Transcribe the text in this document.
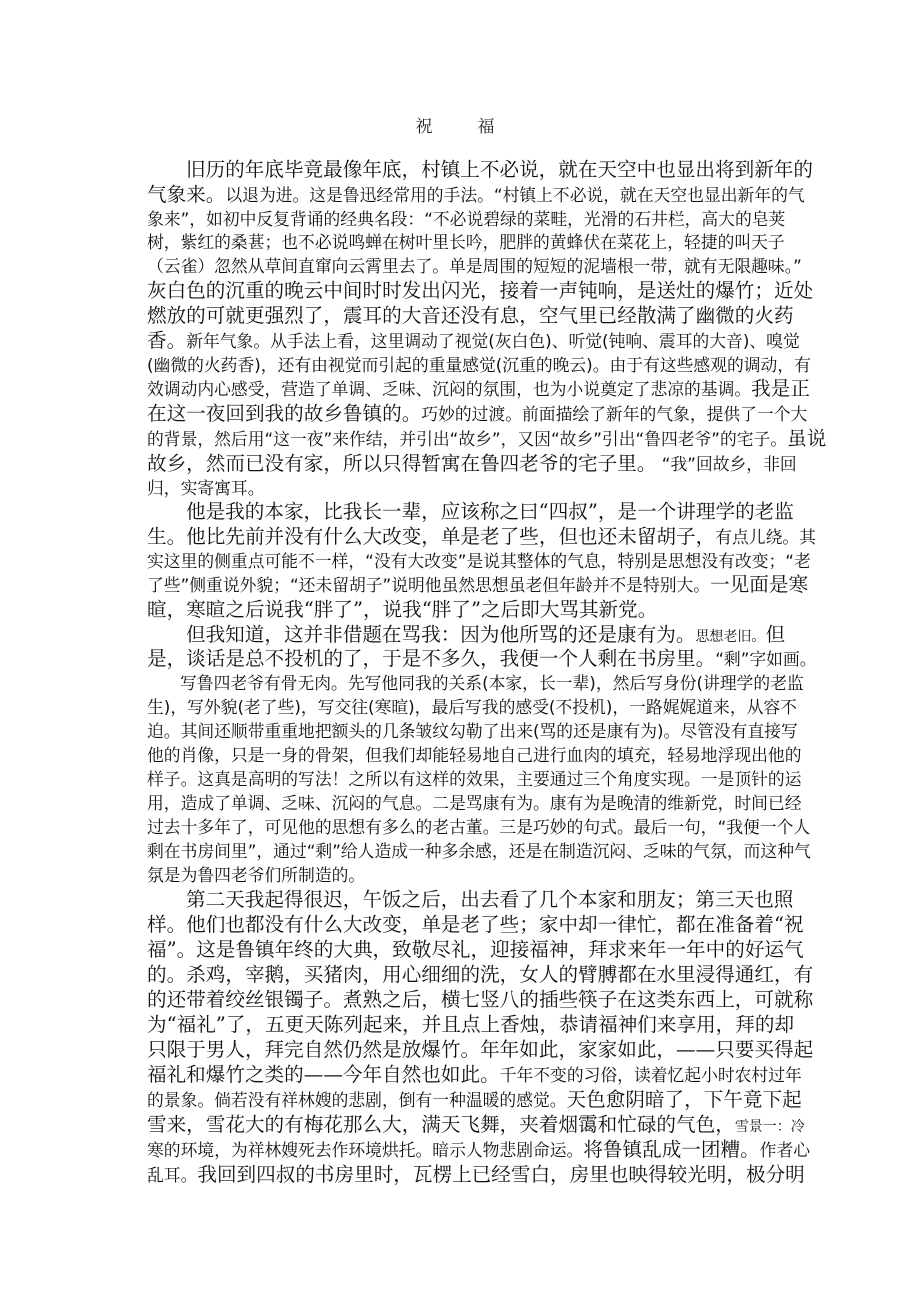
祝　福
旧历的年底毕竟最像年底，村镇上不必说，就在天空中也显出将到新年的
气象来。以退为进。这是鲁迅经常用的手法。“村镇上不必说，就在天空也显出新年的气
象来”，如初中反复背诵的经典名段：“不必说碧绿的菜畦，光滑的石井栏，高大的皂荚
树，紫红的桑葚；也不必说鸣蝉在树叶里长吟，肥胖的黄蜂伏在菜花上，轻捷的叫天子
（云雀）忽然从草间直窜向云霄里去了。单是周围的短短的泥墙根一带，就有无限趣味。”
灰白色的沉重的晚云中间时时发出闪光，接着一声钝响，是送灶的爆竹；近处
燃放的可就更强烈了，震耳的大音还没有息，空气里已经散满了幽微的火药
香。新年气象。从手法上看，这里调动了视觉(灰白色)、听觉(钝响、震耳的大音)、嗅觉
(幽微的火药香)，还有由视觉而引起的重量感觉(沉重的晚云)。由于有这些感观的调动，有
效调动内心感受，营造了单调、乏味、沉闷的氛围，也为小说奠定了悲凉的基调。我是正
在这一夜回到我的故乡鲁镇的。巧妙的过渡。前面描绘了新年的气象，提供了一个大
的背景，然后用“这一夜”来作结，并引出“故乡”，又因“故乡”引出“鲁四老爷”的宅子。虽说
故乡，然而已没有家，所以只得暂寓在鲁四老爷的宅子里。 “我”回故乡，非回
归，实寄寓耳。
他是我的本家，比我长一辈，应该称之曰“四叔”，是一个讲理学的老监
生。他比先前并没有什么大改变，单是老了些，但也还未留胡子，有点儿绕。其
实这里的侧重点可能不一样，“没有大改变”是说其整体的气息，特别是思想没有改变；“老
了些”侧重说外貌；“还未留胡子”说明他虽然思想虽老但年龄并不是特别大。一见面是寒
暄，寒暄之后说我“胖了”，说我“胖了”之后即大骂其新党。
但我知道，这并非借题在骂我：因为他所骂的还是康有为。思想老旧。但
是，谈话是总不投机的了，于是不多久，我便一个人剩在书房里。“剩”字如画。
写鲁四老爷有骨无肉。先写他同我的关系(本家，长一辈)，然后写身份(讲理学的老监
生)，写外貌(老了些)，写交往(寒暄)，最后写我的感受(不投机)，一路娓娓道来，从容不
迫。其间还顺带重重地把额头的几条皱纹勾勒了出来(骂的还是康有为)。尽管没有直接写
他的肖像，只是一身的骨架，但我们却能轻易地自己进行血肉的填充，轻易地浮现出他的
样子。这真是高明的写法！之所以有这样的效果，主要通过三个角度实现。一是顶针的运
用，造成了单调、乏味、沉闷的气息。二是骂康有为。康有为是晚清的维新党，时间已经
过去十多年了，可见他的思想有多么的老古董。三是巧妙的句式。最后一句，“我便一个人
剩在书房间里”，通过“剩”给人造成一种多余感，还是在制造沉闷、乏味的气氛，而这种气
氛是为鲁四老爷们所制造的。
第二天我起得很迟，午饭之后，出去看了几个本家和朋友；第三天也照
样。他们也都没有什么大改变，单是老了些；家中却一律忙，都在准备着“祝
福”。这是鲁镇年终的大典，致敬尽礼，迎接福神，拜求来年一年中的好运气
的。杀鸡，宰鹅，买猪肉，用心细细的洗，女人的臂膊都在水里浸得通红，有
的还带着绞丝银镯子。煮熟之后，横七竖八的插些筷子在这类东西上，可就称
为“福礼”了，五更天陈列起来，并且点上香烛，恭请福神们来享用，拜的却
只限于男人，拜完自然仍然是放爆竹。年年如此，家家如此，——只要买得起
福礼和爆竹之类的——今年自然也如此。千年不变的习俗，读着忆起小时农村过年
的景象。倘若没有祥林嫂的悲剧，倒有一种温暖的感觉。天色愈阴暗了，下午竟下起
雪来，雪花大的有梅花那么大，满天飞舞，夹着烟霭和忙碌的气色，雪景一：冷
寒的环境，为祥林嫂死去作环境烘托。暗示人物悲剧命运。将鲁镇乱成一团糟。作者心
乱耳。我回到四叔的书房里时，瓦楞上已经雪白，房里也映得较光明，极分明
